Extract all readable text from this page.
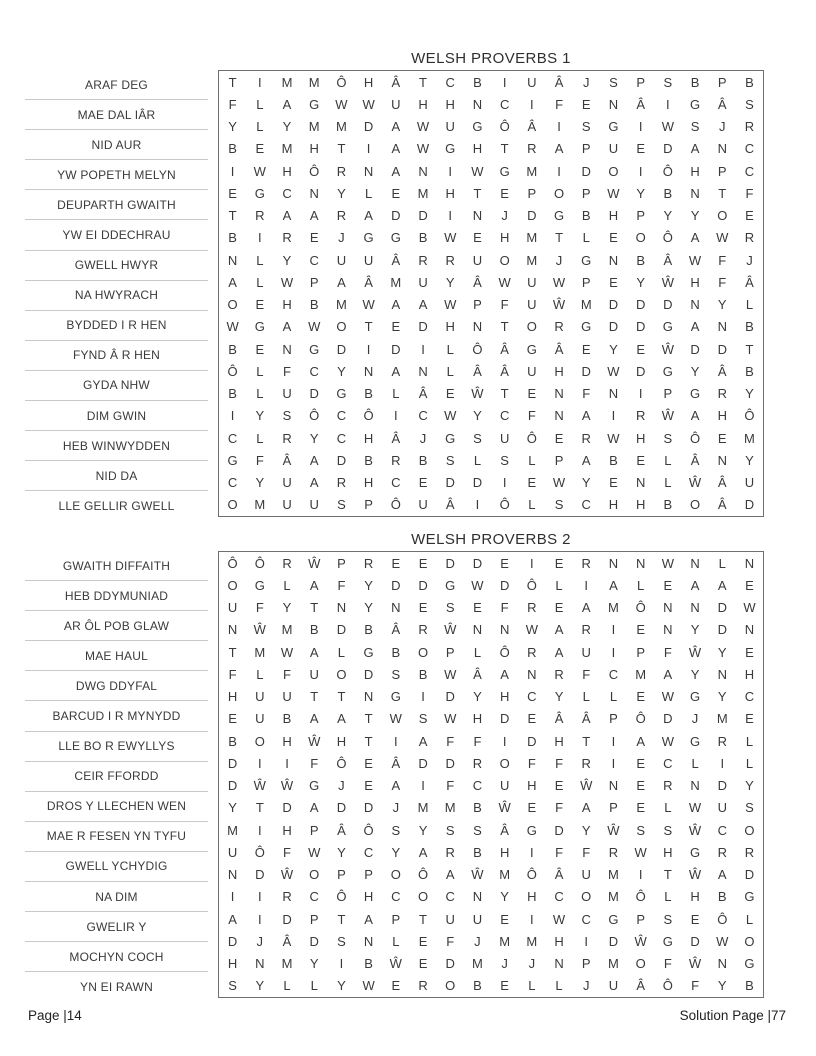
WELSH PROVERBS 1
ARAF DEG
MAE DAL IÂR
NID AUR
YW POPETH MELYN
DEUPARTH GWAITH
YW EI DDECHRAU
GWELL HWYR
NA HWYRACH
BYDDED I R HEN
FYND Â R HEN
GYDA NHW
DIM GWIN
HEB WINWYDDEN
NID DA
LLE GELLIR GWELL
T	I	M	M	Ô	H	Â	T	C	B	I	U	Â	J	S	P	S	B	P	B
F	L	A	G	W	W	U	H	H	N	C	I	F	E	N	Â	I	G	Â	S
Y	L	Y	M	M	D	A	W	U	G	Ô	Â	I	S	G	I	W	S	J	R
B	E	M	H	T	I	A	W	G	H	T	R	A	P	U	E	D	A	N	C
I	W	H	Ô	R	N	A	N	I	W	G	M	I	D	O	I	Ô	H	P	C
E	G	C	N	Y	L	E	M	H	T	E	P	O	P	W	Y	B	N	T	F
T	R	A	A	R	A	D	D	I	N	J	D	G	B	H	P	Y	Y	O	E
B	I	R	E	J	G	G	B	W	E	H	M	T	L	E	O	Ô	A	W	R
N	L	Y	C	U	U	Â	R	R	U	O	M	J	G	N	B	Â	W	F	J
A	L	W	P	A	Â	M	U	Y	Â	W	U	W	P	E	Y	Ŵ	H	F	Â
O	E	H	B	M	W	A	A	W	P	F	U	Ŵ	M	D	D	D	N	Y	L
W	G	A	W	O	T	E	D	H	N	T	O	R	G	D	D	G	A	N	B
B	E	N	G	D	I	D	I	L	Ô	Â	G	Â	E	Y	E	Ŵ	D	D	T
Ô	L	F	C	Y	N	A	N	L	Â	Â	U	H	D	W	D	G	Y	Â	B
B	L	U	D	G	B	L	Â	E	Ŵ	T	E	N	F	N	I	P	G	R	Y
I	Y	S	Ô	C	Ô	I	C	W	Y	C	F	N	A	I	R	Ŵ	A	H	Ô
C	L	R	Y	C	H	Â	J	G	S	U	Ô	E	R	W	H	S	Ô	E	M
G	F	Â	A	D	B	R	B	S	L	S	L	P	A	B	E	L	Â	N	Y
C	Y	U	A	R	H	C	E	D	D	I	E	W	Y	E	N	L	Ŵ	Â	U
O	M	U	U	S	P	Ô	U	Â	I	Ô	L	S	C	H	H	B	O	Â	D
WELSH PROVERBS 2
GWAITH DIFFAITH
HEB DDYMUNIAD
AR ÔL POB GLAW
MAE HAUL
DWG DDYFAL
BARCUD I R MYNYDD
LLE BO R EWYLLYS
CEIR FFORDD
DROS Y LLECHEN WEN
MAE R FESEN YN TYFU
GWELL YCHYDIG
NA DIM
GWELIR Y
MOCHYN COCH
YN EI RAWN
Ô	Ô	R	Ŵ	P	R	E	E	D	D	E	I	E	R	N	N	W	N	L	N
O	G	L	A	F	Y	D	D	G	W	D	Ô	L	I	A	L	E	A	A	E
U	F	Y	T	N	Y	N	E	S	E	F	R	E	A	M	Ô	N	N	D	W
N	Ŵ	M	B	D	B	Â	R	Ŵ	N	N	W	A	R	I	E	N	Y	D	N
T	M	W	A	L	G	B	O	P	L	Ô	R	A	U	I	P	F	Ŵ	Y	E
F	L	F	U	O	D	S	B	W	Â	A	N	R	F	C	M	A	Y	N	H
H	U	U	T	T	N	G	I	D	Y	H	C	Y	L	L	E	W	G	Y	C
E	U	B	A	A	T	W	S	W	H	D	E	Â	Â	P	Ô	D	J	M	E
B	O	H	Ŵ	H	T	I	A	F	F	I	D	H	T	I	A	W	G	R	L
D	I	I	F	Ô	E	Â	D	D	R	O	F	F	R	I	E	C	L	I	L
D	Ŵ	Ŵ	G	J	E	A	I	F	C	U	H	E	Ŵ	N	E	R	N	D	Y
Y	T	D	A	D	D	J	M	M	B	Ŵ	E	F	A	P	E	L	W	U	S
M	I	H	P	Â	Ô	S	Y	S	S	Â	G	D	Y	Ŵ	S	S	Ŵ	C	O
U	Ô	F	W	Y	C	Y	A	R	B	H	I	F	F	R	W	H	G	R	R
N	D	Ŵ	O	P	P	O	Ô	A	Ŵ	M	Ô	Â	U	M	I	T	Ŵ	A	D
I	I	R	C	Ô	H	C	O	C	N	Y	H	C	O	M	Ô	L	H	B	G
A	I	D	P	T	A	P	T	U	U	E	I	W	C	G	P	S	E	Ô	L
D	J	Â	D	S	N	L	E	F	J	M	M	H	I	D	Ŵ	G	D	W	O
H	N	M	Y	I	B	Ŵ	E	D	M	J	J	N	P	M	O	F	Ŵ	N	G
S	Y	L	L	Y	W	E	R	O	B	E	L	L	J	U	Â	Ô	F	Y	B
Page |14	Solution Page |77
